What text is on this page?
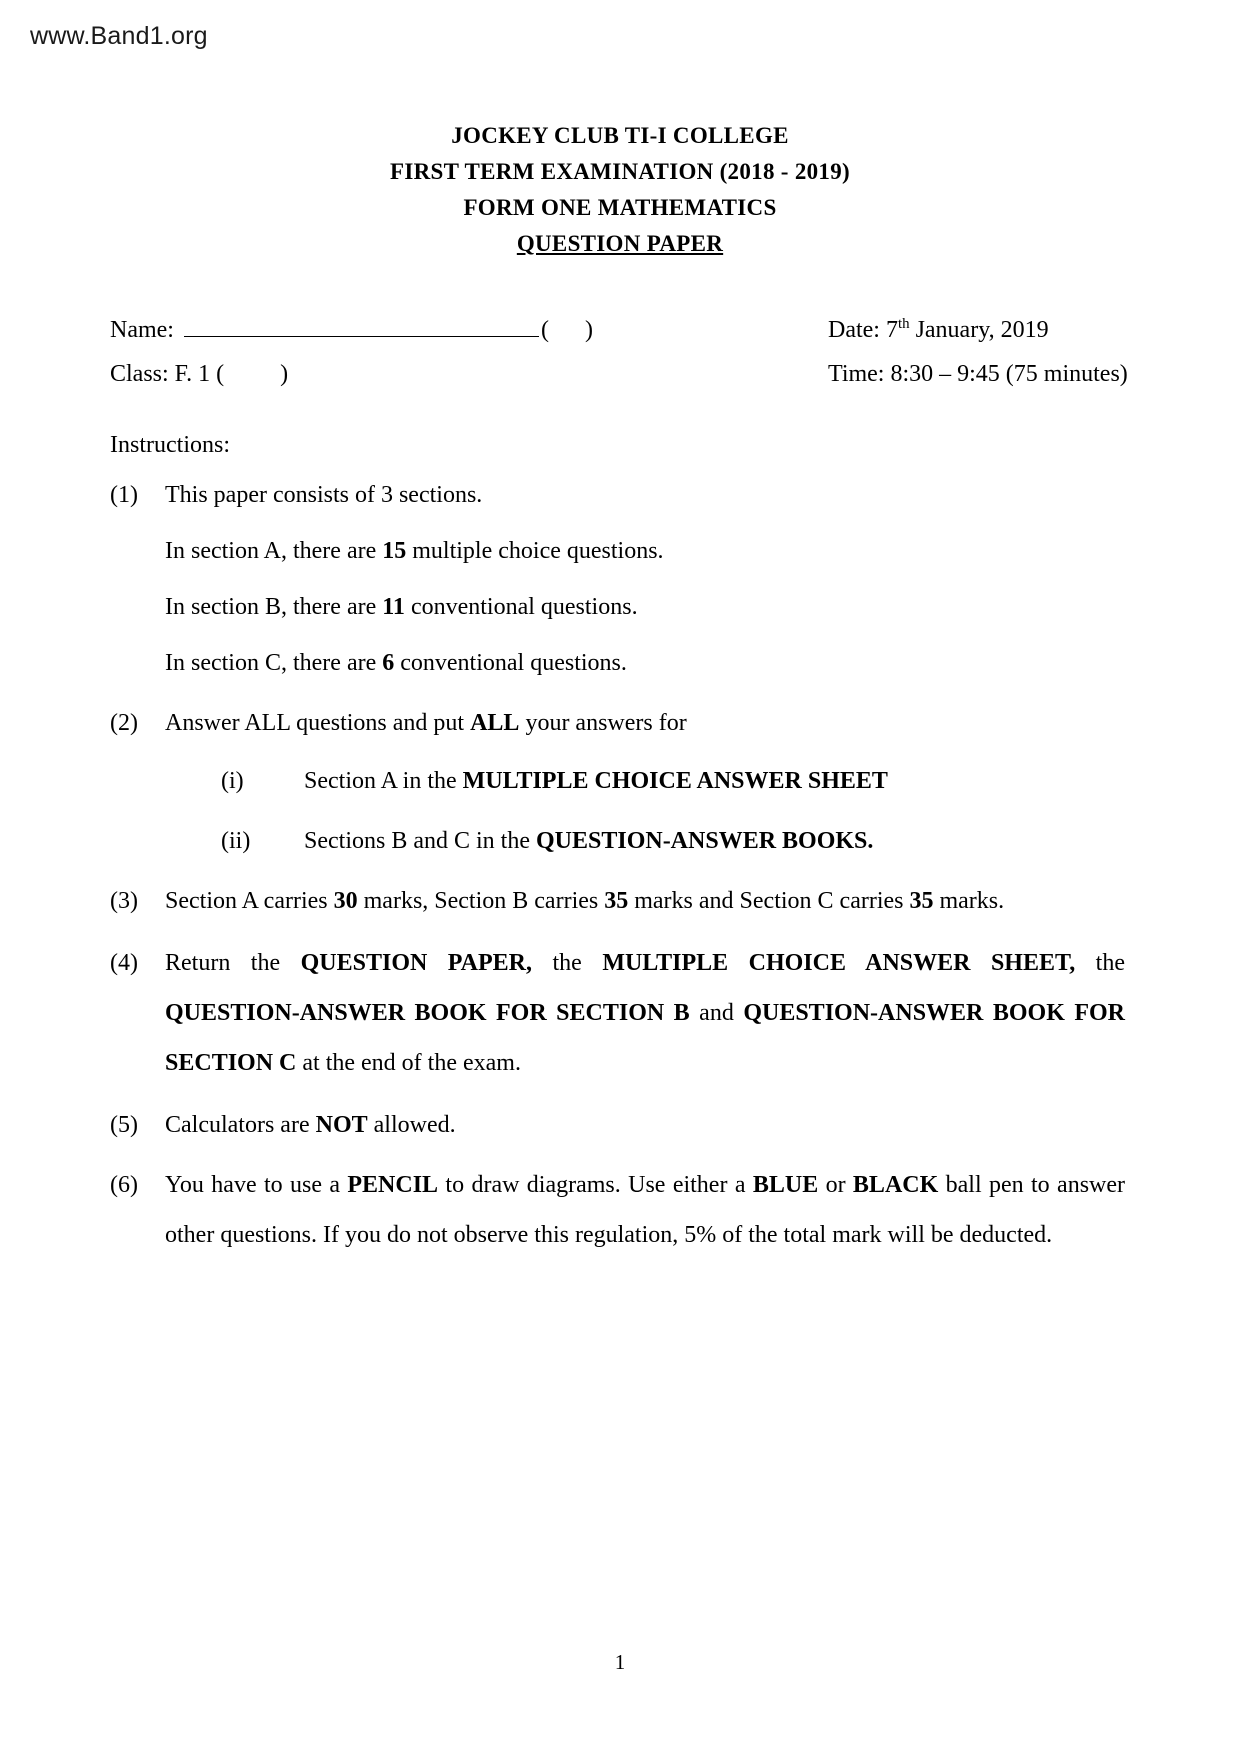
www.Band1.org
JOCKEY CLUB TI-I COLLEGE
FIRST TERM EXAMINATION (2018 - 2019)
FORM ONE MATHEMATICS
QUESTION PAPER
Name:	( )	Date: 7th January, 2019
Class: F. 1 ( )	Time: 8:30 – 9:45 (75 minutes)
Instructions:
(1) This paper consists of 3 sections.
In section A, there are 15 multiple choice questions.
In section B, there are 11 conventional questions.
In section C, there are 6 conventional questions.
(2) Answer ALL questions and put ALL your answers for
(i)	Section A in the MULTIPLE CHOICE ANSWER SHEET
(ii) Sections B and C in the QUESTION-ANSWER BOOKS.
(3) Section A carries 30 marks, Section B carries 35 marks and Section C carries 35 marks.
(4) Return the QUESTION PAPER, the MULTIPLE CHOICE ANSWER SHEET, the QUESTION-ANSWER BOOK FOR SECTION B and QUESTION-ANSWER BOOK FOR SECTION C at the end of the exam.
(5) Calculators are NOT allowed.
(6) You have to use a PENCIL to draw diagrams. Use either a BLUE or BLACK ball pen to answer other questions. If you do not observe this regulation, 5% of the total mark will be deducted.
1
